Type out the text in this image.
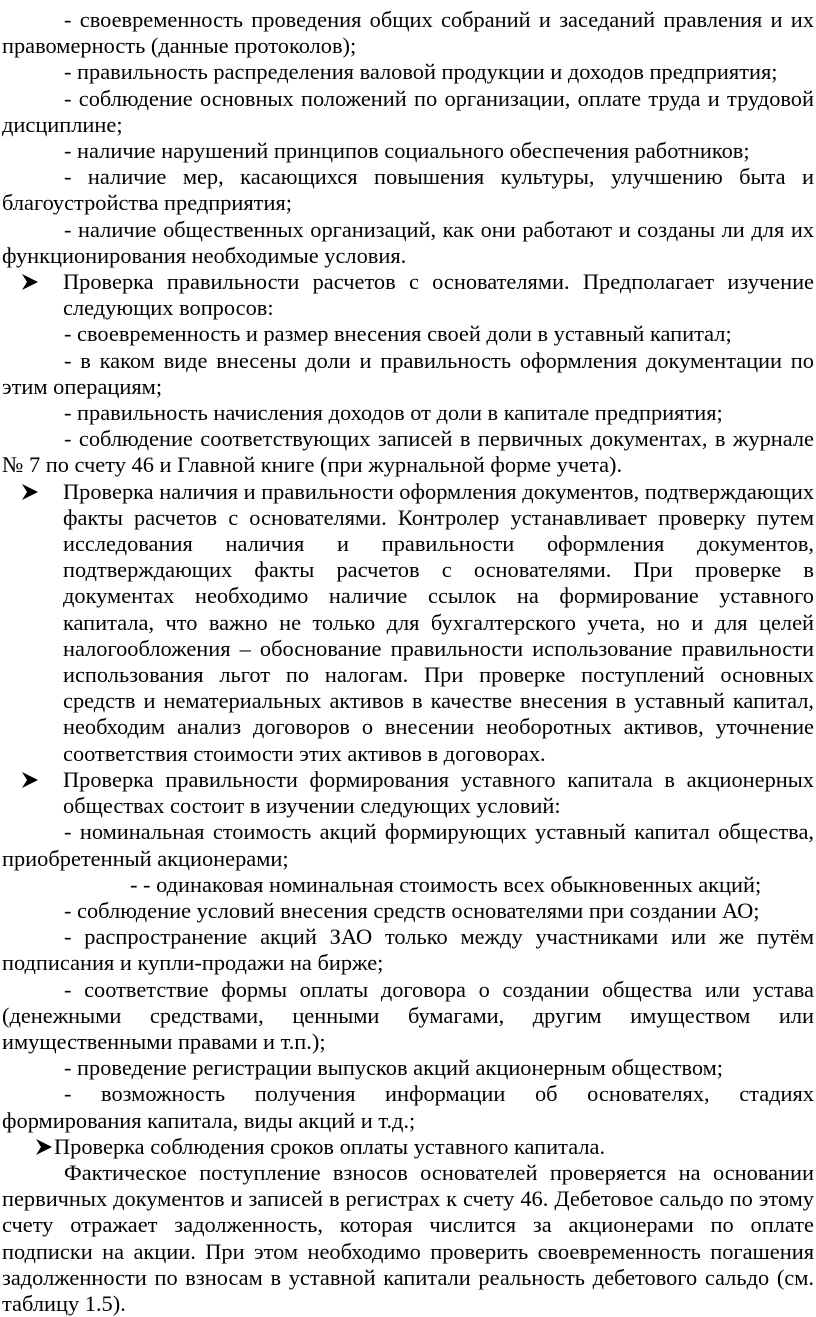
- своевременность проведения общих собраний и заседаний правления и их правомерность (данные протоколов);

- правильность распределения валовой продукции и доходов предприятия;

- соблюдение основных положений по организации, оплате труда и трудовой дисциплине;

- наличие нарушений принципов социального обеспечения работников;

- наличие мер, касающихся повышения культуры, улучшению быта и благоустройства предприятия;

- наличие общественных организаций, как они работают и созданы ли для их функционирования необходимые условия.

Проверка правильности расчетов с основателями. Предполагает изучение следующих вопросов:

- своевременность и размер внесения своей доли в уставный капитал;

- в каком виде внесены доли и правильность оформления документации по этим операциям;

- правильность начисления доходов от доли в капитале предприятия;

- соблюдение соответствующих записей в первичных документах, в журнале № 7 по счету 46 и Главной книге (при журнальной форме учета).

Проверка наличия и правильности оформления документов, подтверждающих факты расчетов с основателями. Контролер устанавливает проверку путем исследования наличия и правильности оформления документов, подтверждающих факты расчетов с основателями. При проверке в документах необходимо наличие ссылок на формирование уставного капитала, что важно не только для бухгалтерского учета, но и для целей налогообложения – обоснование правильности использование правильности использования льгот по налогам. При проверке поступлений основных средств и нематериальных активов в качестве внесения в уставный капитал, необходим анализ договоров о внесении необоротных активов, уточнение соответствия стоимости этих активов в договорах.

Проверка правильности формирования уставного капитала в акционерных обществах состоит в изучении следующих условий:

- номинальная стоимость акций формирующих уставный капитал общества, приобретенный акционерами;

- - одинаковая номинальная стоимость всех обыкновенных акций;

- соблюдение условий внесения средств основателями при создании АО;

- распространение акций ЗАО только между участниками или же путём подписания и купли-продажи на бирже;

- соответствие формы оплаты договора о создании общества или устава (денежными средствами, ценными бумагами, другим имуществом или имущественными правами и т.п.);

- проведение регистрации выпусков акций акционерным обществом;

- возможность получения информации об основателях, стадиях формирования капитала, виды акций и т.д.;

Проверка соблюдения сроков оплаты уставного капитала.

Фактическое поступление взносов основателей проверяется на основании первичных документов и записей в регистрах к счету 46. Дебетовое сальдо по этому счету отражает задолженность, которая числится за акционерами по оплате подписки на акции. При этом необходимо проверить своевременность погашения задолженности по взносам в уставной капитали реальность дебетового сальдо (см. таблицу 1.5).
